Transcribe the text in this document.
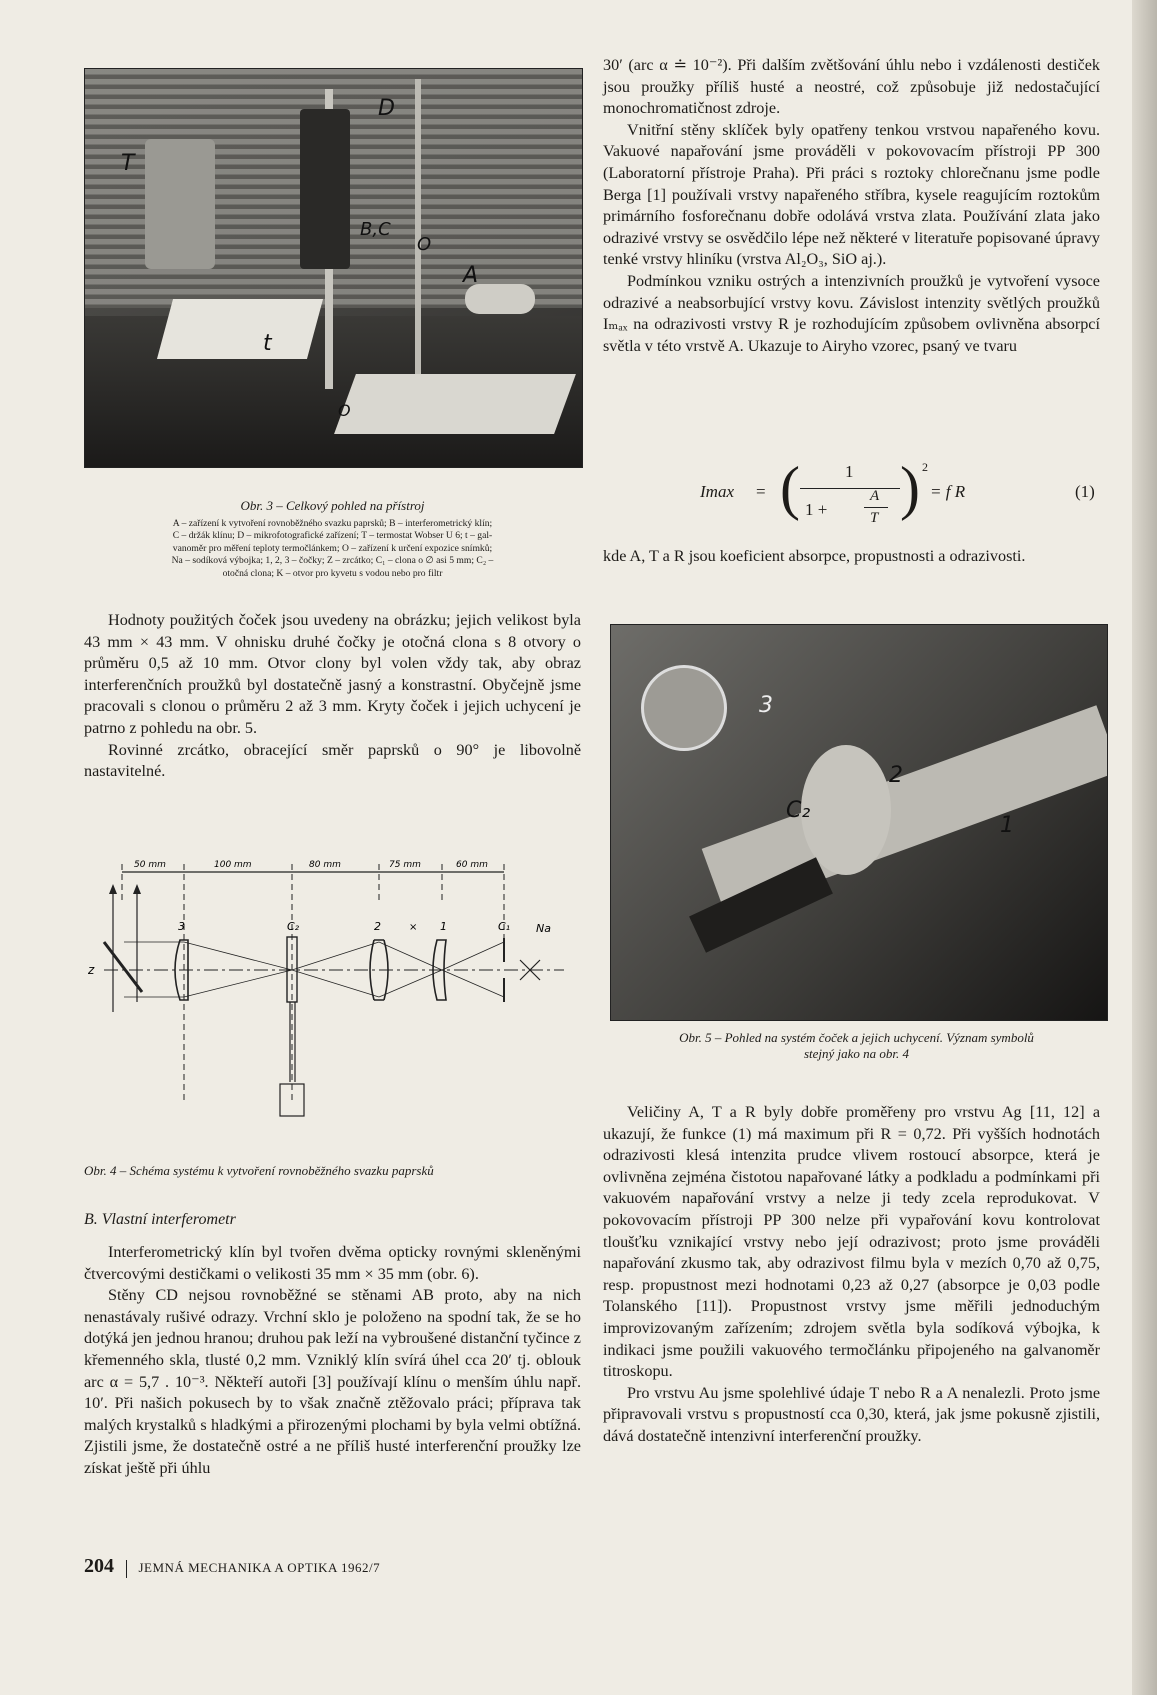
T
D
B,C
O
A
t
O
Obr. 3 – Celkový pohled na přístroj
A – zařízení k vytvoření rovnoběžného svazku paprsků; B – interferometrický klín;
C – držák klínu; D – mikrofotografické zařízení; T – termostat Wobser U 6; t – gal-
vanoměr pro měření teploty termočlánkem; O – zařízení k určení expozice snímků;
Na – sodíková výbojka; 1, 2, 3 – čočky; Z – zrcátko; C₁ – clona o ∅ asi 5 mm; C₂ –
otočná clona; K – otvor pro kyvetu s vodou nebo pro filtr

Hodnoty použitých čoček jsou uvedeny na obrázku; jejich velikost byla 43 mm × 43 mm. V ohnisku druhé čočky je otočná clona s 8 otvory o průměru 0,5 až 10 mm. Otvor clony byl volen vždy tak, aby obraz interferenčních proužků byl dostatečně jasný a konstrastní. Obyčejně jsme pracovali s clonou o průměru 2 až 3 mm. Kryty čoček i jejich uchycení je patrno z pohledu na obr. 5.

Rovinné zrcátko, obracející směr paprsků o 90° je libovolně nastavitelné.

50 mm	100 mm	80 mm	75 mm	60 mm
z
3	C₂	2	× 1	C₁ Na
Obr. 4 – Schéma systému k vytvoření rovnoběžného svazku paprsků
B. Vlastní interferometr

Interferometrický klín byl tvořen dvěma opticky rovnými skleněnými čtvercovými destičkami o velikosti 35 mm × 35 mm (obr. 6).

Stěny CD nejsou rovnoběžné se stěnami AB proto, aby na nich nenastávaly rušivé odrazy. Vrchní sklo je položeno na spodní tak, že se ho dotýká jen jednou hranou; druhou pak leží na vybroušené distanční tyčince z křemenného skla, tlusté 0,2 mm. Vzniklý klín svírá úhel cca 20′ tj. oblouk arc α = 5,7 . 10⁻³. Někteří autoři [3] používají klínu o menším úhlu např. 10′. Při našich pokusech by to však značně ztěžovalo práci; příprava tak malých krystalků s hladkými a přirozenými plochami by byla velmi obtížná. Zjistili jsme, že dostatečně ostré a ne příliš husté interferenční proužky lze získat ještě při úhlu

30′ (arc α ≐ 10⁻²). Při dalším zvětšování úhlu nebo i vzdálenosti destiček jsou proužky příliš husté a neostré, což způsobuje již nedostačující monochromatičnost zdroje.

Vnitřní stěny sklíček byly opatřeny tenkou vrstvou napařeného kovu. Vakuové napařování jsme prováděli v pokovovacím přístroji PP 300 (Laboratorní přístroje Praha). Při práci s roztoky chlorečnanu jsme podle Berga [1] používali vrstvy napařeného stříbra, kysele reagujícím roztokům primárního fosforečnanu dobře odolává vrstva zlata. Používání zlata jako odrazivé vrstvy se osvědčilo lépe než některé v literatuře popisované úpravy tenké vrstvy hliníku (vrstva Al₂O₃, SiO aj.).

Podmínkou vzniku ostrých a intenzivních proužků je vytvoření vysoce odrazivé a neabsorbující vrstvy kovu. Závislost intenzity světlých proužků Iₘₐₓ na odrazivosti vrstvy R je rozhodujícím způsobem ovlivněna absorpcí světla v této vrstvě A. Ukazuje to Airyho vzorec, psaný ve tvaru

Imax = (	1
1 +
A
T ) 2
= f R	(1)

kde A, T a R jsou koeficient absorpce, propustnosti a odrazivosti.

3
C₂
2
1
Obr. 5 – Pohled na systém čoček a jejich uchycení. Význam symbolů
stejný jako na obr. 4

Veličiny A, T a R byly dobře proměřeny pro vrstvu Ag [11, 12] a ukazují, že funkce (1) má maximum při R = 0,72. Při vyšších hodnotách odrazivosti klesá intenzita prudce vlivem rostoucí absorpce, která je ovlivněna zejména čistotou napařované látky a podkladu a podmínkami při vakuovém napařování vrstvy a nelze ji tedy zcela reprodukovat. V pokovovacím přístroji PP 300 nelze při vypařování kovu kontrolovat tloušťku vznikající vrstvy nebo její odrazivost; proto jsme prováděli napařování zkusmo tak, aby odrazivost filmu byla v mezích 0,70 až 0,75, resp. propustnost mezi hodnotami 0,23 až 0,27 (absorpce je 0,03 podle Tolanského [11]). Propustnost vrstvy jsme měřili jednoduchým improvizovaným zařízením; zdrojem světla byla sodíková výbojka, k indikaci jsme použili vakuového termočlánku připojeného na galvanoměr titroskopu.

Pro vrstvu Au jsme spolehlivé údaje T nebo R a A nenalezli. Proto jsme připravovali vrstvu s propustností cca 0,30, která, jak jsme pokusně zjistili, dává dostatečně intenzivní interferenční proužky.

204 JEMNÁ MECHANIKA A OPTIKA 1962/7
